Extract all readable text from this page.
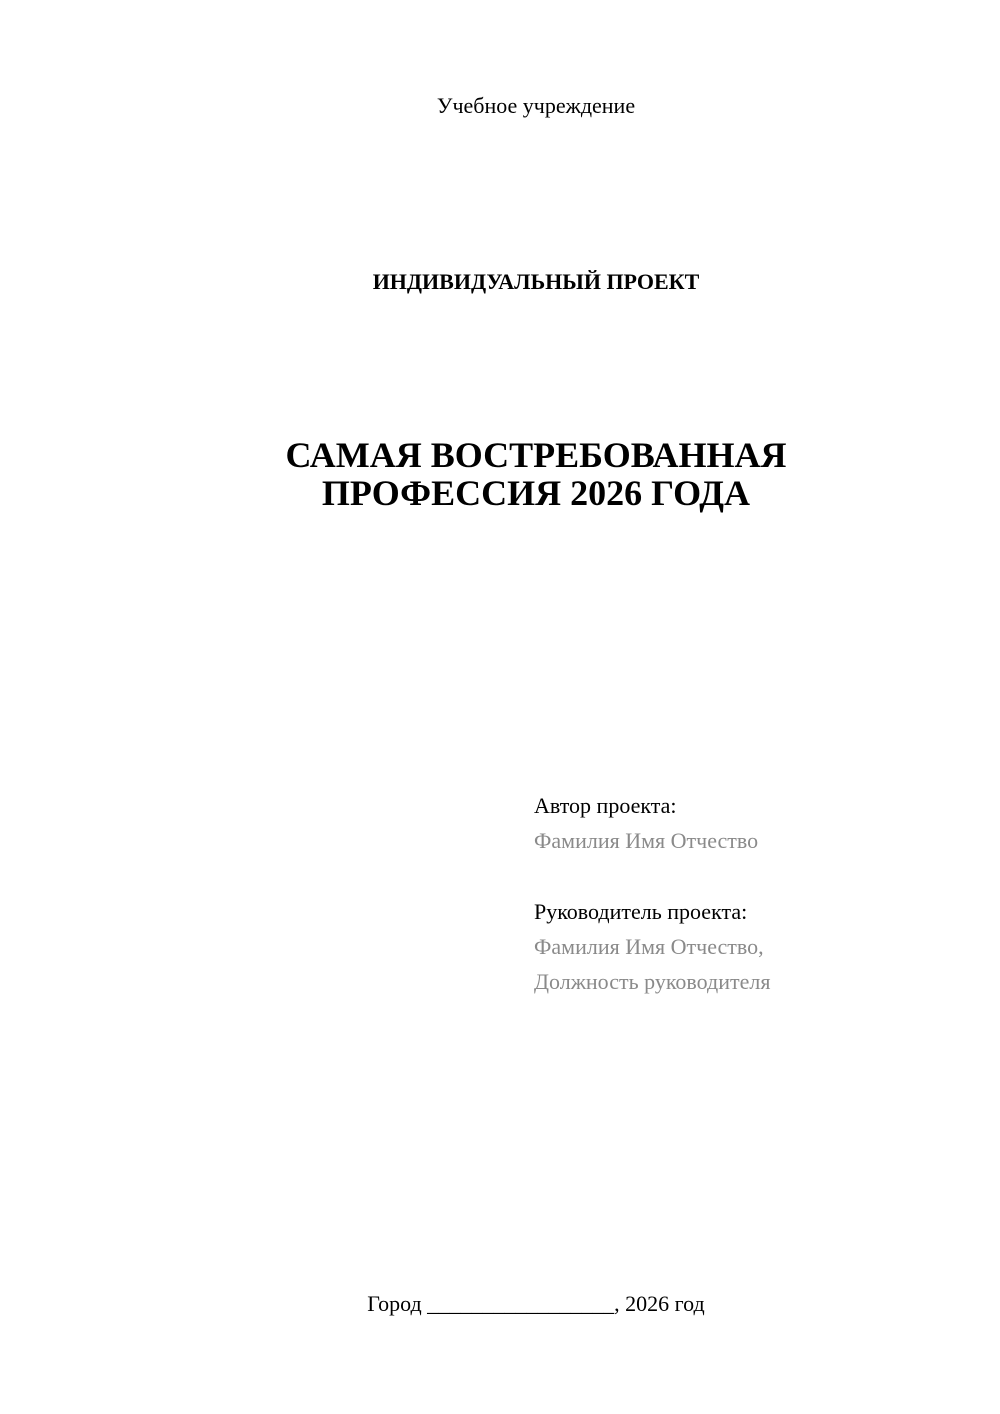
Учебное учреждение
ИНДИВИДУАЛЬНЫЙ ПРОЕКТ
САМАЯ ВОСТРЕБОВАННАЯ
ПРОФЕССИЯ 2026 ГОДА
Автор проекта:
Фамилия Имя Отчество
Руководитель проекта:
Фамилия Имя Отчество,
Должность руководителя
Город _________________, 2026 год
